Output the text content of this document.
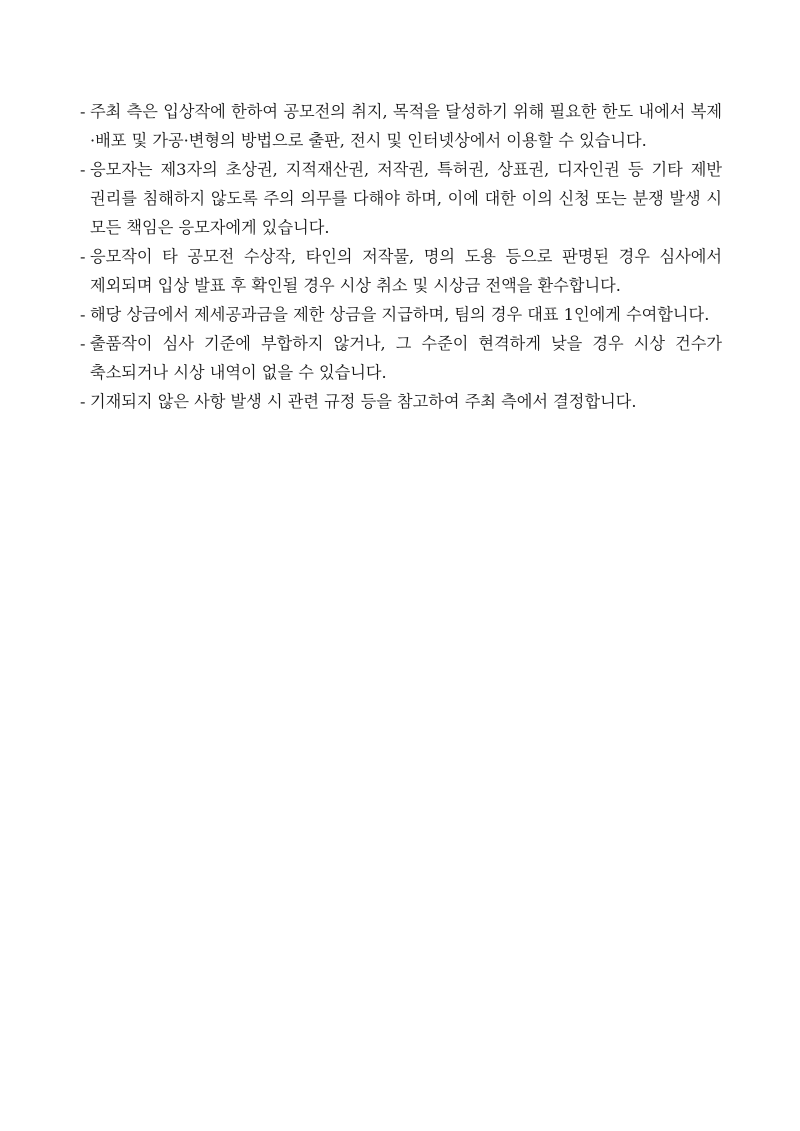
- 주최 측은 입상작에 한하여 공모전의 취지, 목적을 달성하기 위해 필요한 한도 내에서 복제·배포 및 가공·변형의 방법으로 출판, 전시 및 인터넷상에서 이용할 수 있습니다.
- 응모자는 제3자의 초상권, 지적재산권, 저작권, 특허권, 상표권, 디자인권 등 기타 제반 권리를 침해하지 않도록 주의 의무를 다해야 하며, 이에 대한 이의 신청 또는 분쟁 발생 시 모든 책임은 응모자에게 있습니다.
- 응모작이 타 공모전 수상작, 타인의 저작물, 명의 도용 등으로 판명된 경우 심사에서 제외되며 입상 발표 후 확인될 경우 시상 취소 및 시상금 전액을 환수합니다.
- 해당 상금에서 제세공과금을 제한 상금을 지급하며, 팀의 경우 대표 1인에게 수여합니다.
- 출품작이 심사 기준에 부합하지 않거나, 그 수준이 현격하게 낮을 경우 시상 건수가 축소되거나 시상 내역이 없을 수 있습니다.
- 기재되지 않은 사항 발생 시 관련 규정 등을 참고하여 주최 측에서 결정합니다.
